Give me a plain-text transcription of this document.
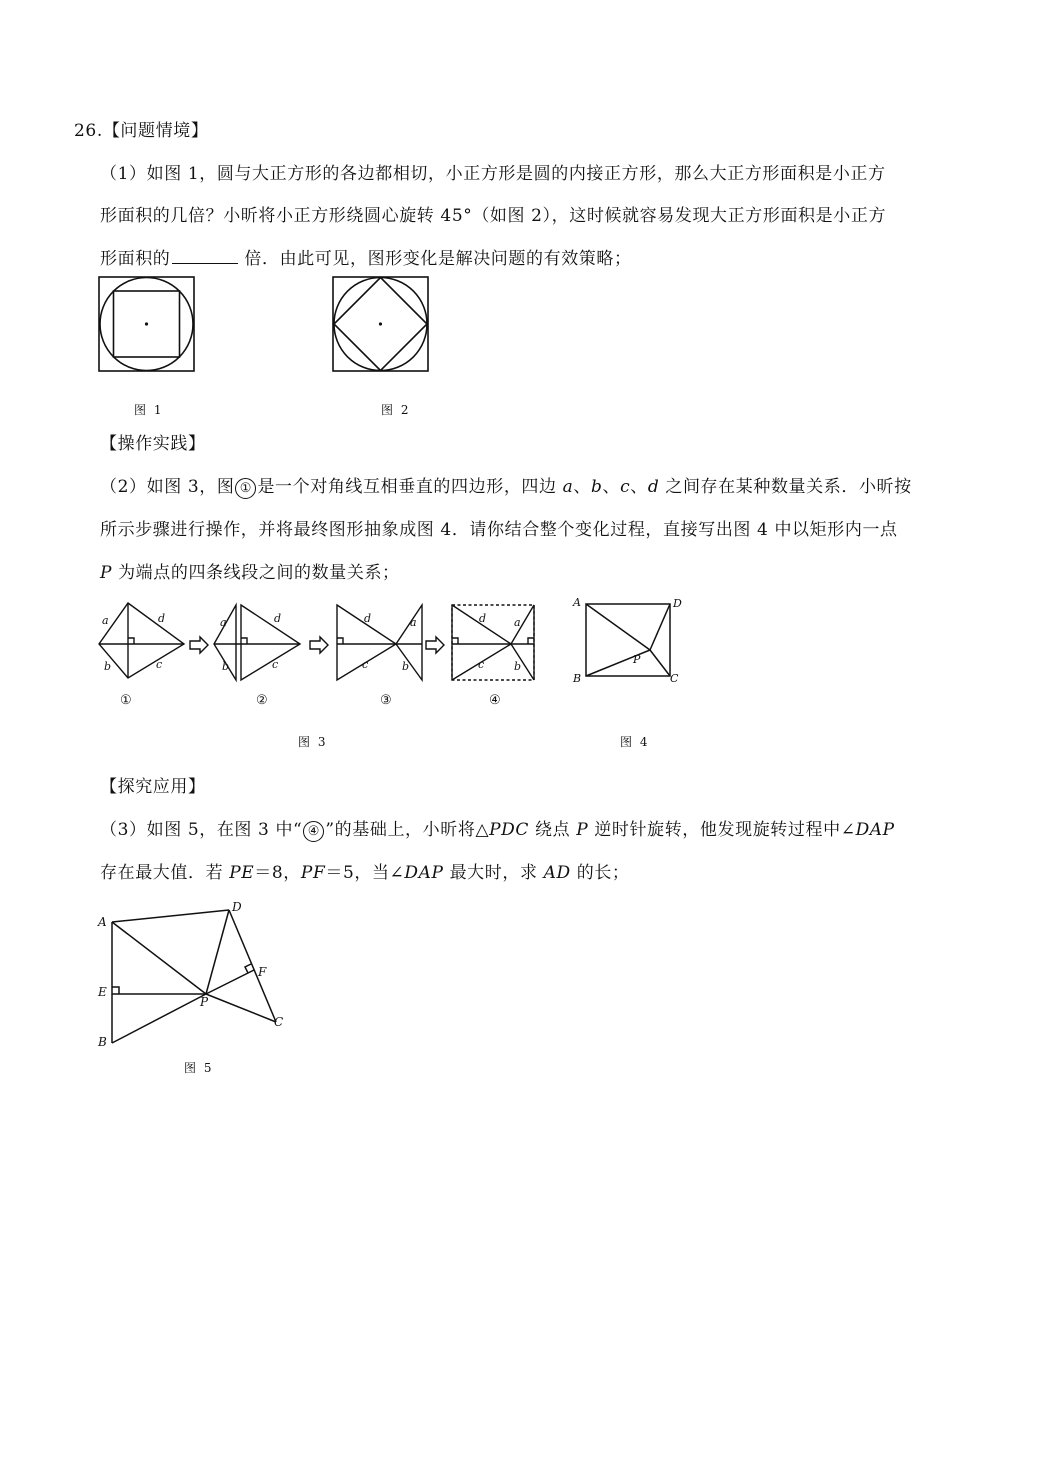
26.【问题情境】
（1）如图 1，圆与大正方形的各边都相切，小正方形是圆的内接正方形，那么大正方形面积是小正方
形面积的几倍？小昕将小正方形绕圆心旋转 45°（如图 2），这时候就容易发现大正方形面积是小正方
形面积的	倍．由此可见，图形变化是解决问题的有效策略；
图 1	图 2
【操作实践】
（2）如图 3，图 ① 是一个对角线互相垂直的四边形，四边 a、b、c、d 之间存在某种数量关系．小昕按
所示步骤进行操作，并将最终图形抽象成图 4．请你结合整个变化过程，直接写出图 4 中以矩形内一点
P 为端点的四条线段之间的数量关系；
a	d
b	c
a	d
b	c
d	a
c	b
d	a
c	b
①	②	③	④
图 3
A	D
B	C
P
图 4
【探究应用】
（3）如图 5，在图 3 中“ ④ ”的基础上，小昕将△PDC 绕点 P 逆时针旋转，他发现旋转过程中∠DAP
存在最大值．若 PE＝8，PF＝5，当∠DAP 最大时，求 AD 的长；
A
D
E
F
P
C
B
图 5
